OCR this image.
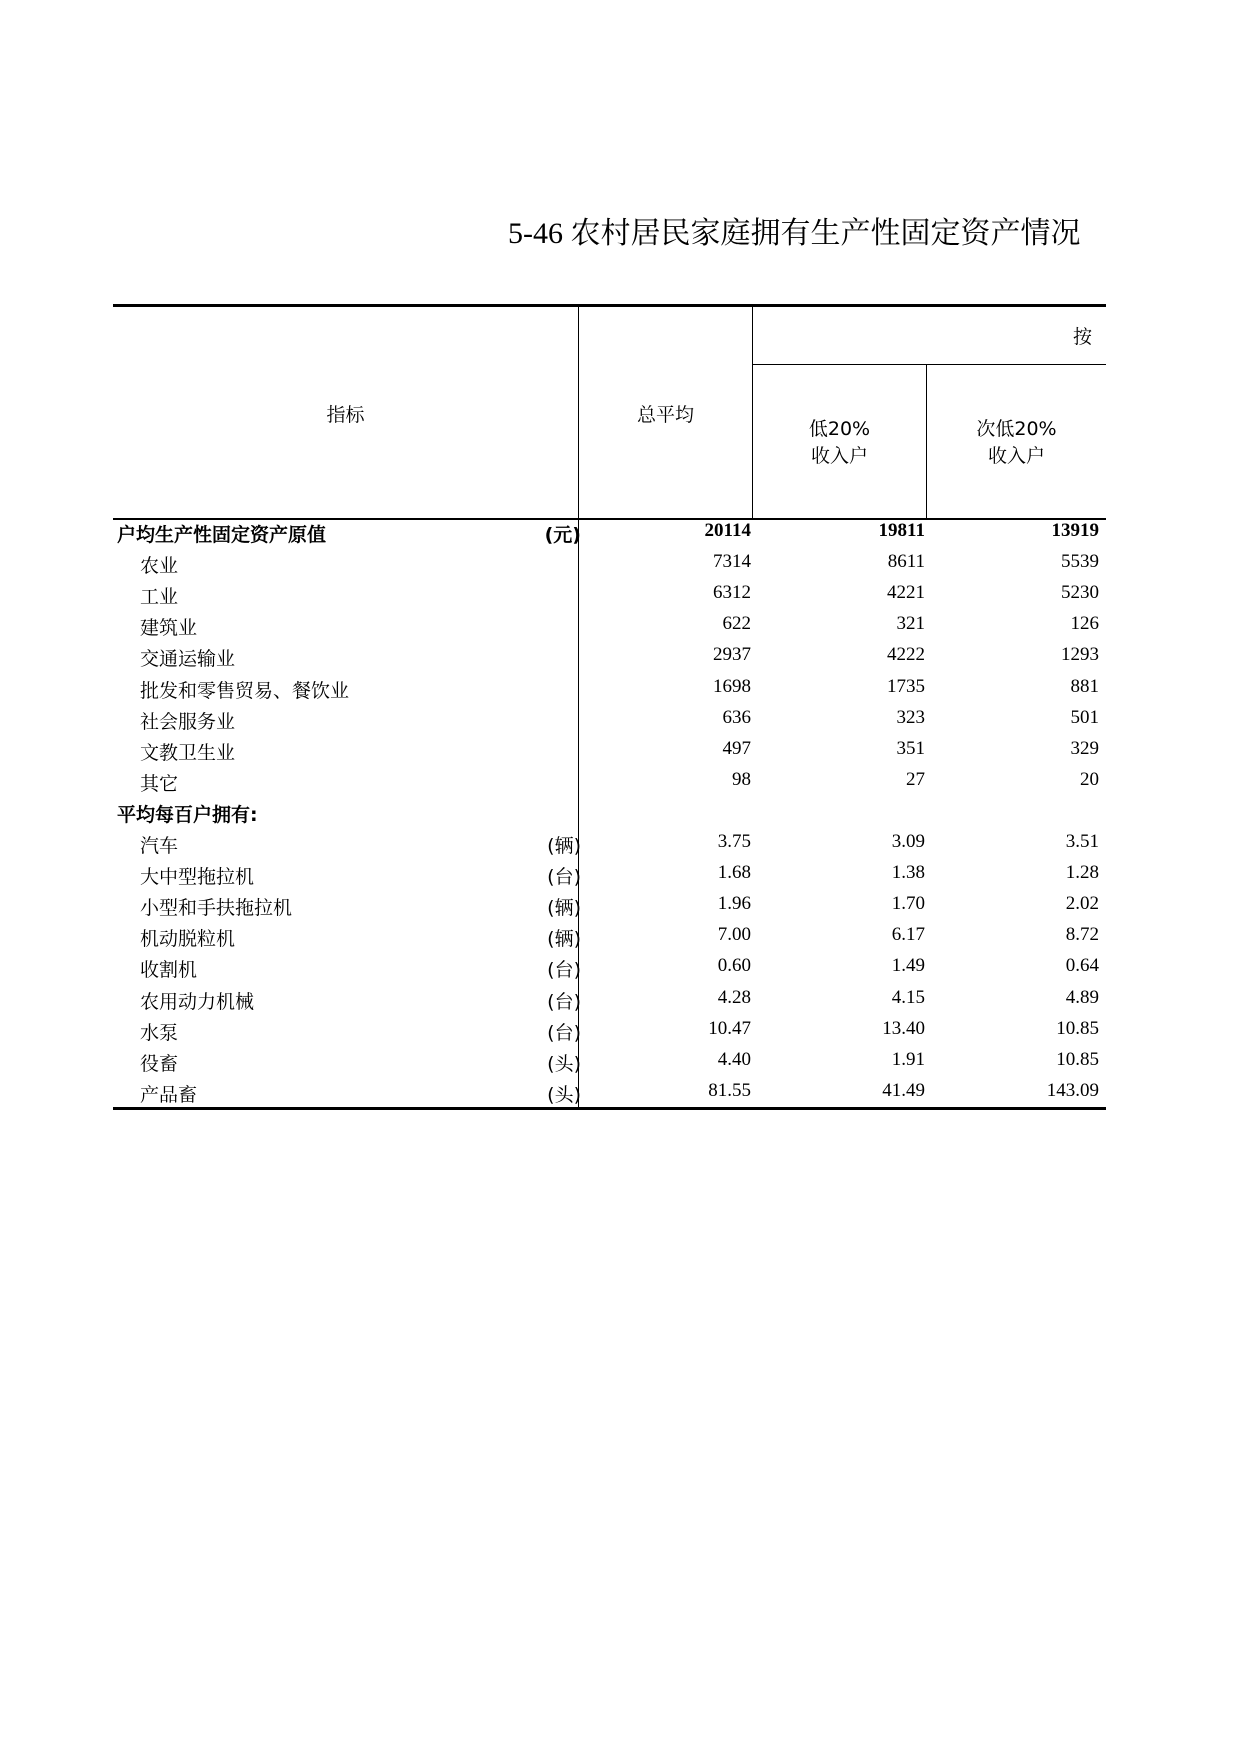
5-46 农村居民家庭拥有生产性固定资产情况
指标	总平均
按
低20%
收入户
次低20%
收入户
户均生产性固定资产原值	(元)	20114	19811	13919
农业	7314	8611	5539
工业	6312	4221	5230
建筑业	622	321	126
交通运输业	2937	4222	1293
批发和零售贸易、餐饮业	1698	1735	881
社会服务业	636	323	501
文教卫生业	497	351	329
其它	98	27	20
平均每百户拥有:
汽车	(辆)	3.75	3.09	3.51
大中型拖拉机	(台)	1.68	1.38	1.28
小型和手扶拖拉机	(辆)	1.96	1.70	2.02
机动脱粒机	(辆)	7.00	6.17	8.72
收割机	(台)	0.60	1.49	0.64
农用动力机械	(台)	4.28	4.15	4.89
水泵	(台)	10.47	13.40	10.85
役畜	(头)	4.40	1.91	10.85
产品畜	(头)	81.55	41.49	143.09
